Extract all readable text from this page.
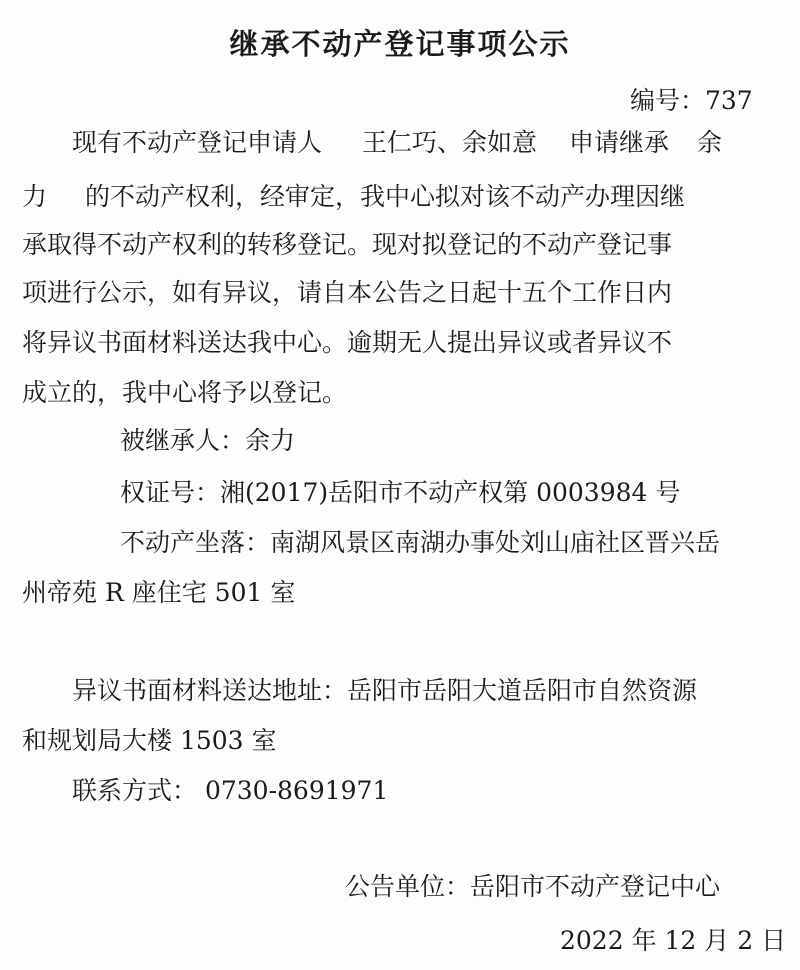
继承不动产登记事项公示
编号：737
现有不动产登记申请人 王仁巧、余如意 申请继承 余
力 的不动产权利，经审定，我中心拟对该不动产办理因继
承取得不动产权利的转移登记。现对拟登记的不动产登记事
项进行公示，如有异议，请自本公告之日起十五个工作日内
将异议书面材料送达我中心。逾期无人提出异议或者异议不
成立的，我中心将予以登记。
被继承人：余力
权证号：湘(2017)岳阳市不动产权第 0003984 号
不动产坐落：南湖风景区南湖办事处刘山庙社区晋兴岳
州帝苑 R 座住宅 501 室
异议书面材料送达地址：岳阳市岳阳大道岳阳市自然资源
和规划局大楼 1503 室
联系方式： 0730-8691971
公告单位：岳阳市不动产登记中心
2022 年 12 月 2 日
